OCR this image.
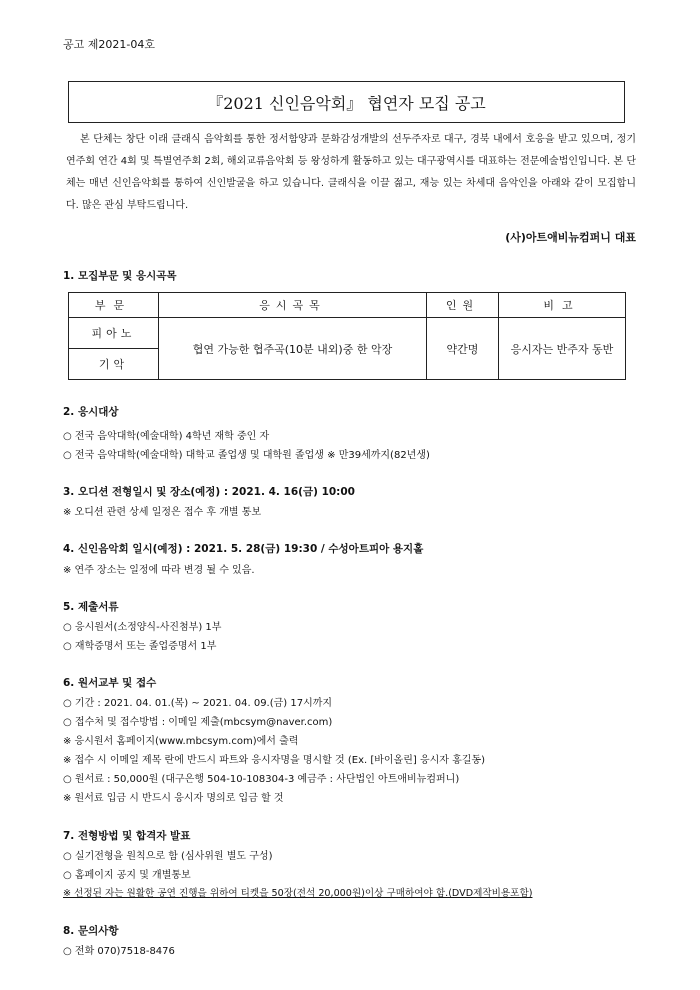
공고 제2021-04호
『2021 신인음악회』 협연자 모집 공고

본 단체는 창단 이래 클래식 음악회를 통한 정서함양과 문화감성개발의 선두주자로 대구, 경북 내에서 호응을 받고 있으며, 정기연주회 연간 4회 및 특별연주회 2회, 해외교류음악회 등 왕성하게 활동하고 있는 대구광역시를 대표하는 전문예술법인입니다. 본 단체는 매년 신인음악회를 통하여 신인발굴을 하고 있습니다. 클래식을 이끌 젊고, 재능 있는 차세대 음악인을 아래와 같이 모집합니다. 많은 관심 부탁드립니다.

(사)아트애비뉴컴퍼니 대표
1. 모집부문 및 응시곡목
부문	응시곡목	인원	비고
피아노	협연 가능한 협주곡(10분 내외)중 한 악장	약간명	응시자는 반주자 동반
기악			
2. 응시대상
○ 전국 음악대학(예술대학) 4학년 재학 중인 자
○ 전국 음악대학(예술대학) 대학교 졸업생 및 대학원 졸업생 ※ 만39세까지(82년생)
3. 오디션 전형일시 및 장소(예정) : 2021. 4. 16(금) 10:00
※ 오디션 관련 상세 일정은 접수 후 개별 통보
4. 신인음악회 일시(예정) : 2021. 5. 28(금) 19:30 / 수성아트피아 용지홀
※ 연주 장소는 일정에 따라 변경 될 수 있음.
5. 제출서류
○ 응시원서(소정양식-사진첨부) 1부
○ 재학증명서 또는 졸업증명서 1부
6. 원서교부 및 접수
○ 기간 : 2021. 04. 01.(목) ~ 2021. 04. 09.(금) 17시까지
○ 접수처 및 접수방법 : 이메일 제출(mbcsym@naver.com)
※ 응시원서 홈페이지(www.mbcsym.com)에서 출력
※ 접수 시 이메일 제목 란에 반드시 파트와 응시자명을 명시할 것 (Ex. [바이올린] 응시자 홍길동)
○ 원서료 : 50,000원 (대구은행 504-10-108304-3 예금주 : 사단법인 아트애비뉴컴퍼니)
※ 원서료 입금 시 반드시 응시자 명의로 입금 할 것
7. 전형방법 및 합격자 발표
○ 실기전형을 원칙으로 함 (심사위원 별도 구성)
○ 홈페이지 공지 및 개별통보
※ 선정된 자는 원활한 공연 진행을 위하여 티켓을 50장(전석 20,000원)이상 구매하여야 함.(DVD제작비용포함)
8. 문의사항
○ 전화 070)7518-8476
